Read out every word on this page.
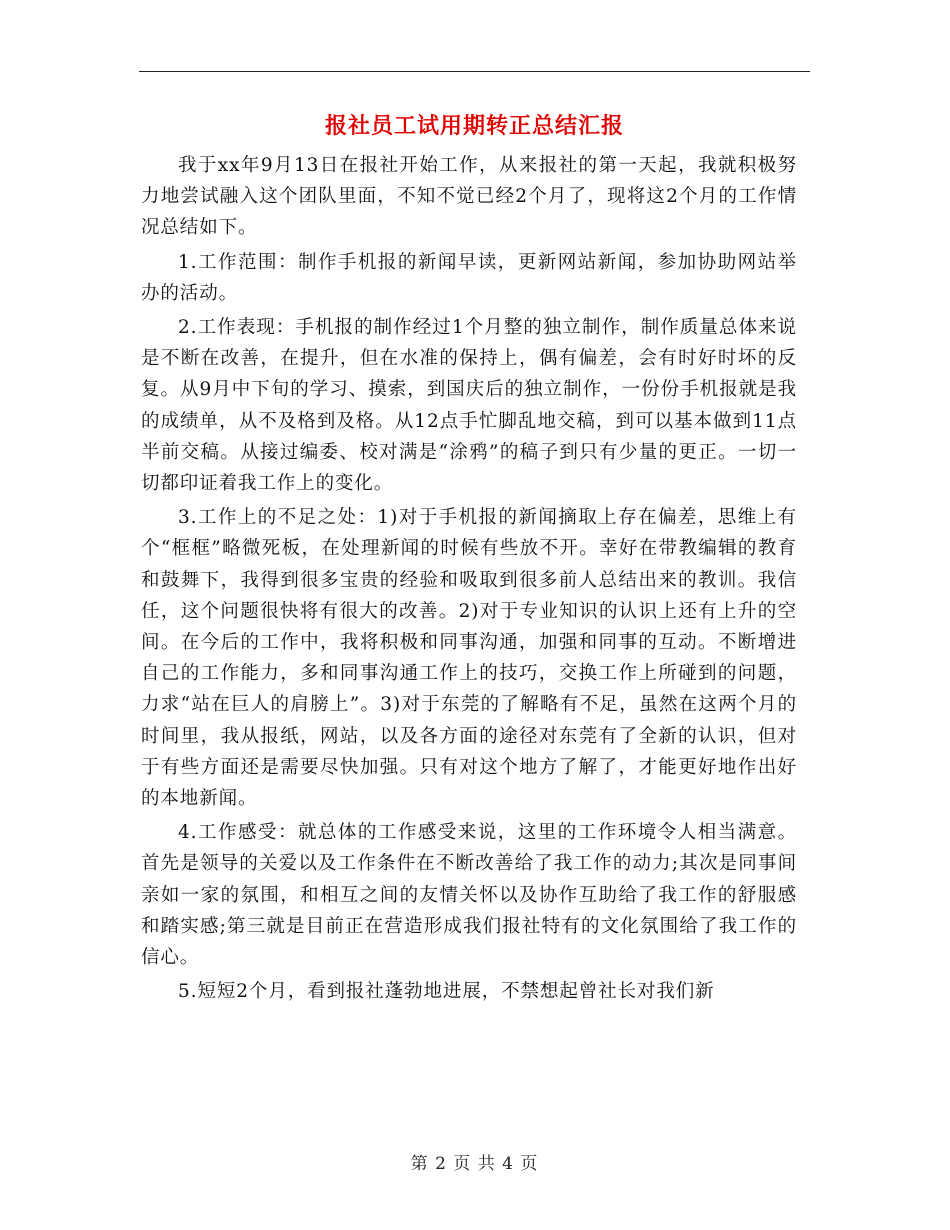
报社员工试用期转正总结汇报

我于xx年9月13日在报社开始工作，从来报社的第一天起，我就积极努力地尝试融入这个团队里面，不知不觉已经2个月了，现将这2个月的工作情况总结如下。

1.工作范围：制作手机报的新闻早读，更新网站新闻，参加协助网站举办的活动。

2.工作表现：手机报的制作经过1个月整的独立制作，制作质量总体来说是不断在改善，在提升，但在水准的保持上，偶有偏差，会有时好时坏的反复。从9月中下旬的学习、摸索，到国庆后的独立制作，一份份手机报就是我的成绩单，从不及格到及格。从12点手忙脚乱地交稿，到可以基本做到11点半前交稿。从接过编委、校对满是“涂鸦”的稿子到只有少量的更正。一切一切都印证着我工作上的变化。

3.工作上的不足之处：1)对于手机报的新闻摘取上存在偏差，思维上有个“框框”略微死板，在处理新闻的时候有些放不开。幸好在带教编辑的教育和鼓舞下，我得到很多宝贵的经验和吸取到很多前人总结出来的教训。我信任，这个问题很快将有很大的改善。2)对于专业知识的认识上还有上升的空间。在今后的工作中，我将积极和同事沟通，加强和同事的互动。不断增进自己的工作能力，多和同事沟通工作上的技巧，交换工作上所碰到的问题，力求“站在巨人的肩膀上”。3)对于东莞的了解略有不足，虽然在这两个月的时间里，我从报纸，网站，以及各方面的途径对东莞有了全新的认识，但对于有些方面还是需要尽快加强。只有对这个地方了解了，才能更好地作出好的本地新闻。

4.工作感受：就总体的工作感受来说，这里的工作环境令人相当满意。首先是领导的关爱以及工作条件在不断改善给了我工作的动力;其次是同事间亲如一家的氛围，和相互之间的友情关怀以及协作互助给了我工作的舒服感和踏实感;第三就是目前正在营造形成我们报社特有的文化氛围给了我工作的信心。

5.短短2个月，看到报社蓬勃地进展，不禁想起曾社长对我们新

第 2 页 共 4 页
